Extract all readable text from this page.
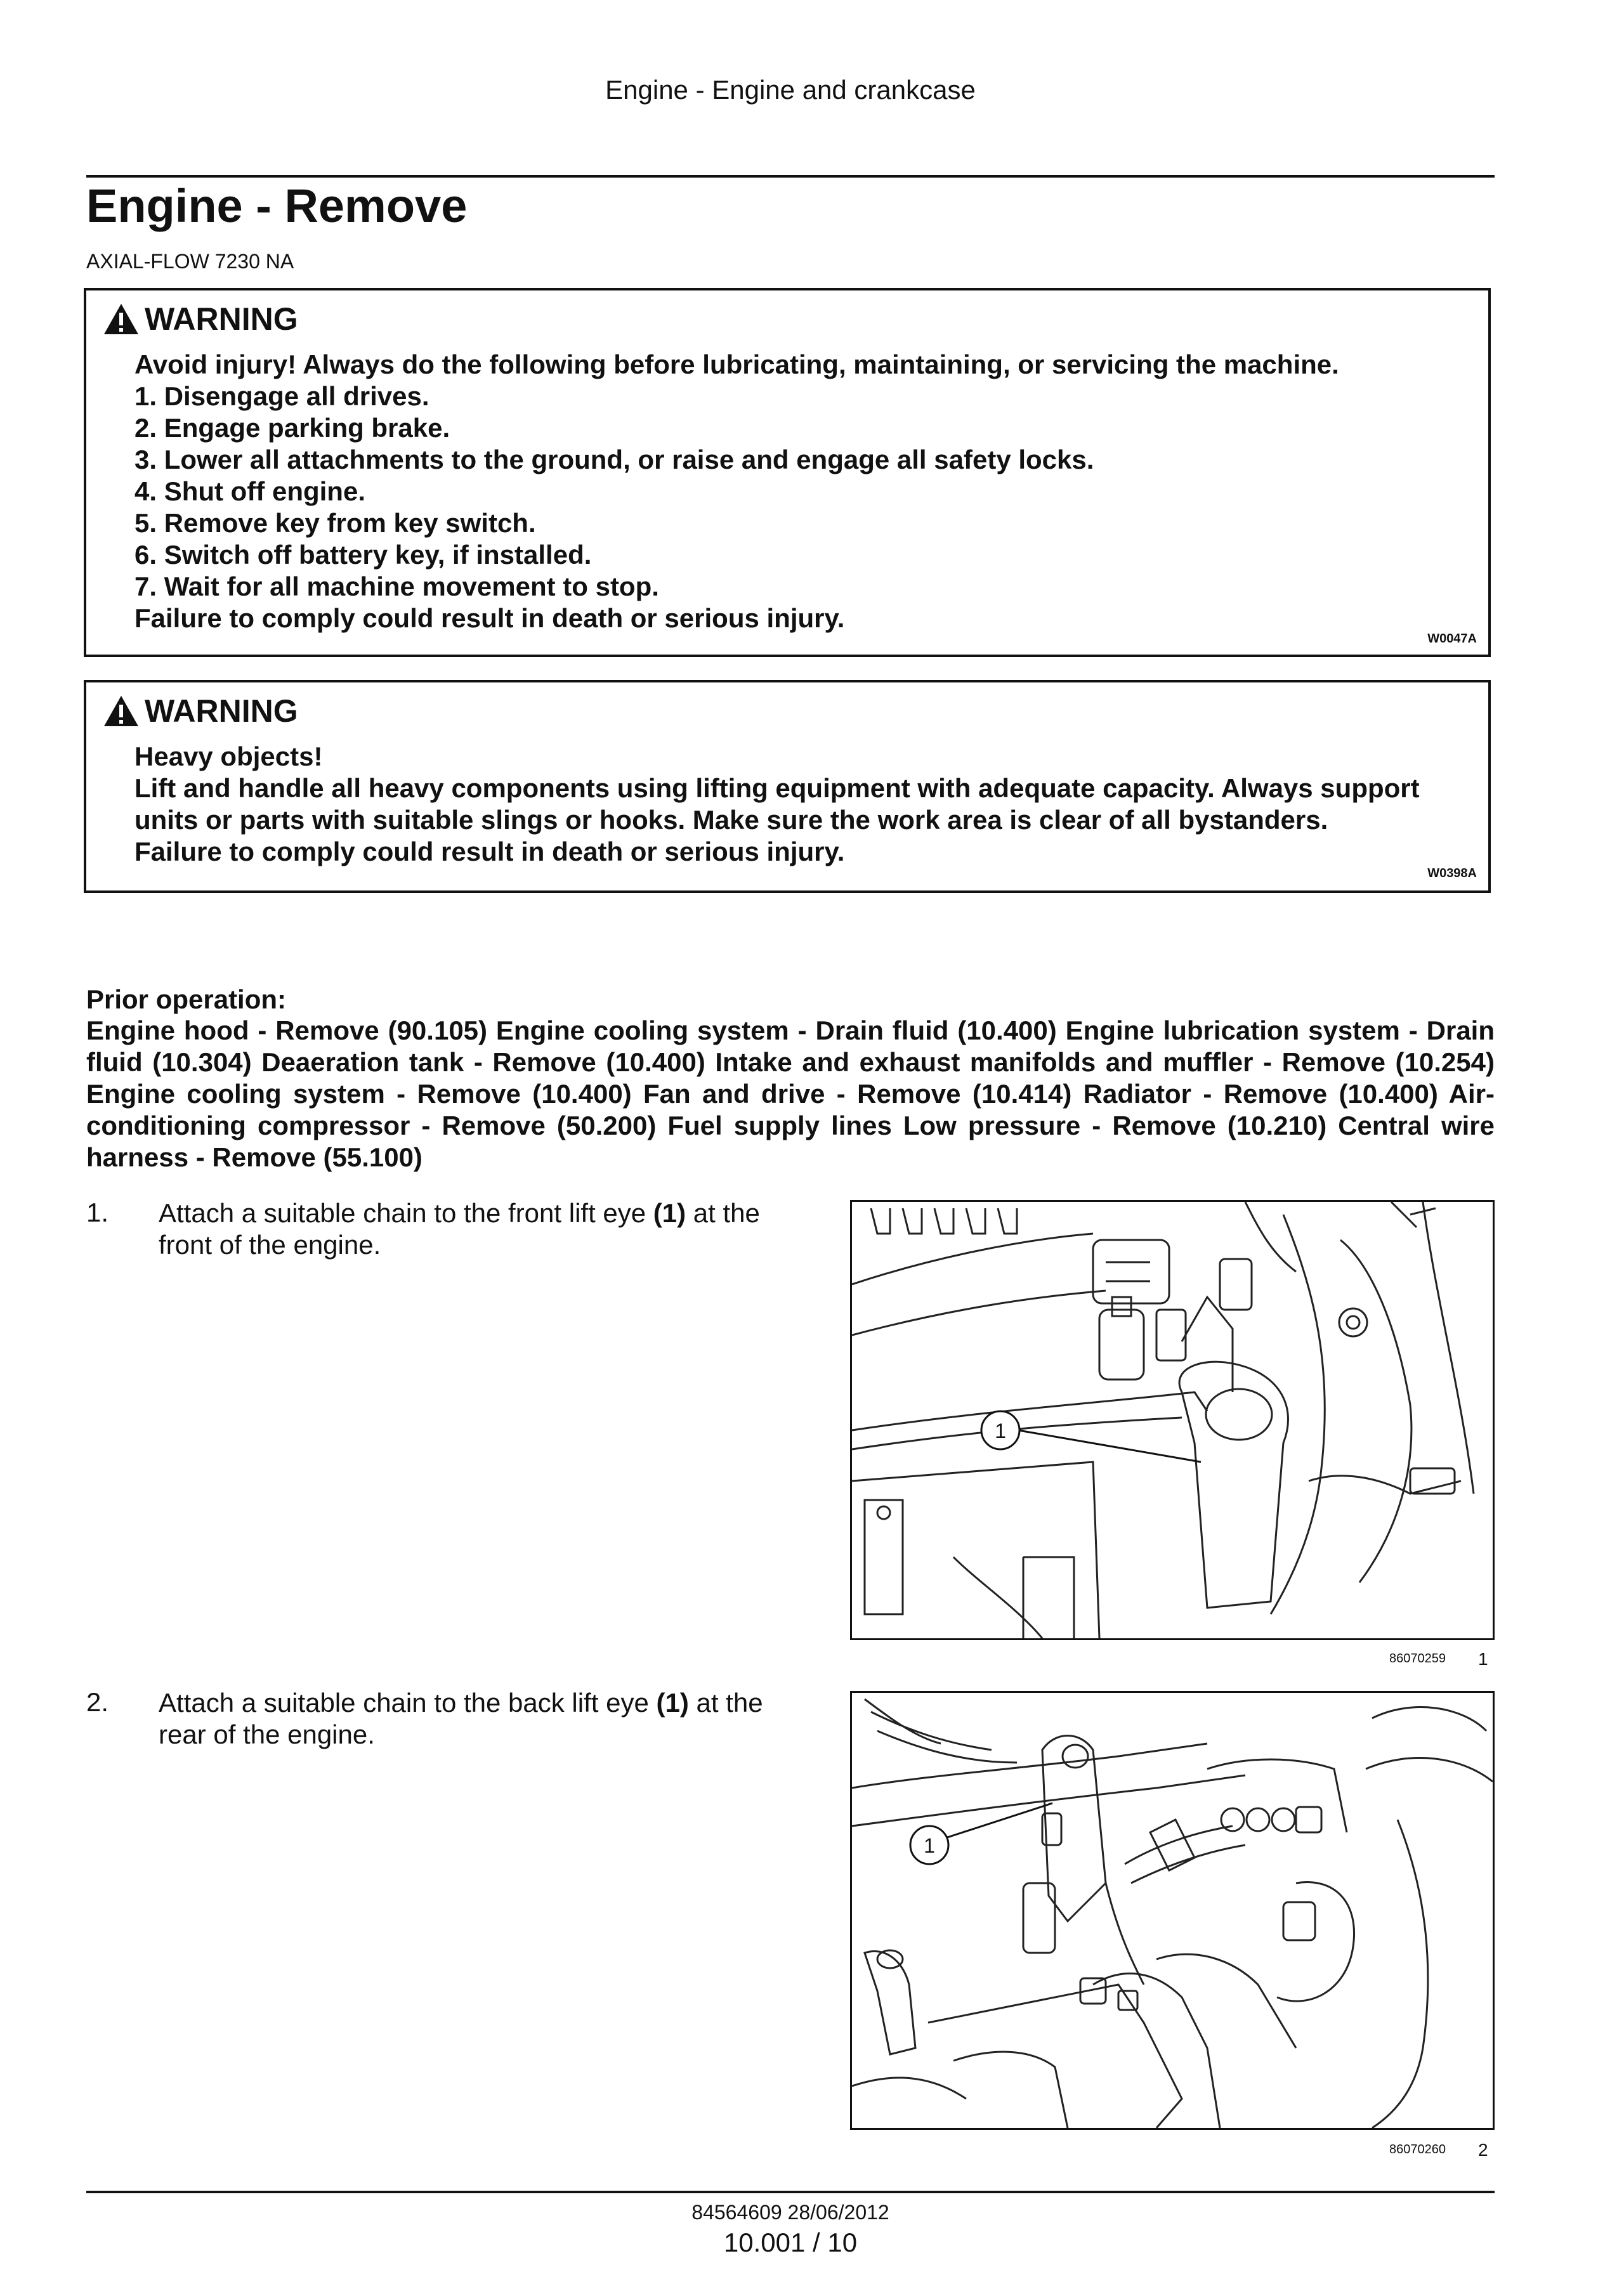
Engine - Engine and crankcase
Engine - Remove
AXIAL-FLOW 7230 NA
WARNING
Avoid injury! Always do the following before lubricating, maintaining, or servicing the machine.
1. Disengage all drives.
2. Engage parking brake.
3. Lower all attachments to the ground, or raise and engage all safety locks.
4. Shut off engine.
5. Remove key from key switch.
6. Switch off battery key, if installed.
7. Wait for all machine movement to stop.
Failure to comply could result in death or serious injury.
W0047A
WARNING
Heavy objects!
Lift and handle all heavy components using lifting equipment with adequate capacity. Always support
units or parts with suitable slings or hooks. Make sure the work area is clear of all bystanders.
Failure to comply could result in death or serious injury.
W0398A
Prior operation:
Engine hood - Remove (90.105) Engine cooling system - Drain fluid (10.400) Engine lubrication system - Drain fluid (10.304) Deaeration tank - Remove (10.400) Intake and exhaust manifolds and muffler - Remove (10.254) Engine cooling system - Remove (10.400) Fan and drive - Remove (10.414) Radiator - Remove (10.400) Air-conditioning compressor - Remove (50.200) Fuel supply lines Low pressure - Remove (10.210) Central wire harness - Remove (55.100)
1. Attach a suitable chain to the front lift eye (1) at the front of the engine.
1
86070259 1
2. Attach a suitable chain to the back lift eye (1) at the rear of the engine.
1
86070260 2
84564609 28/06/2012
10.001 / 10
